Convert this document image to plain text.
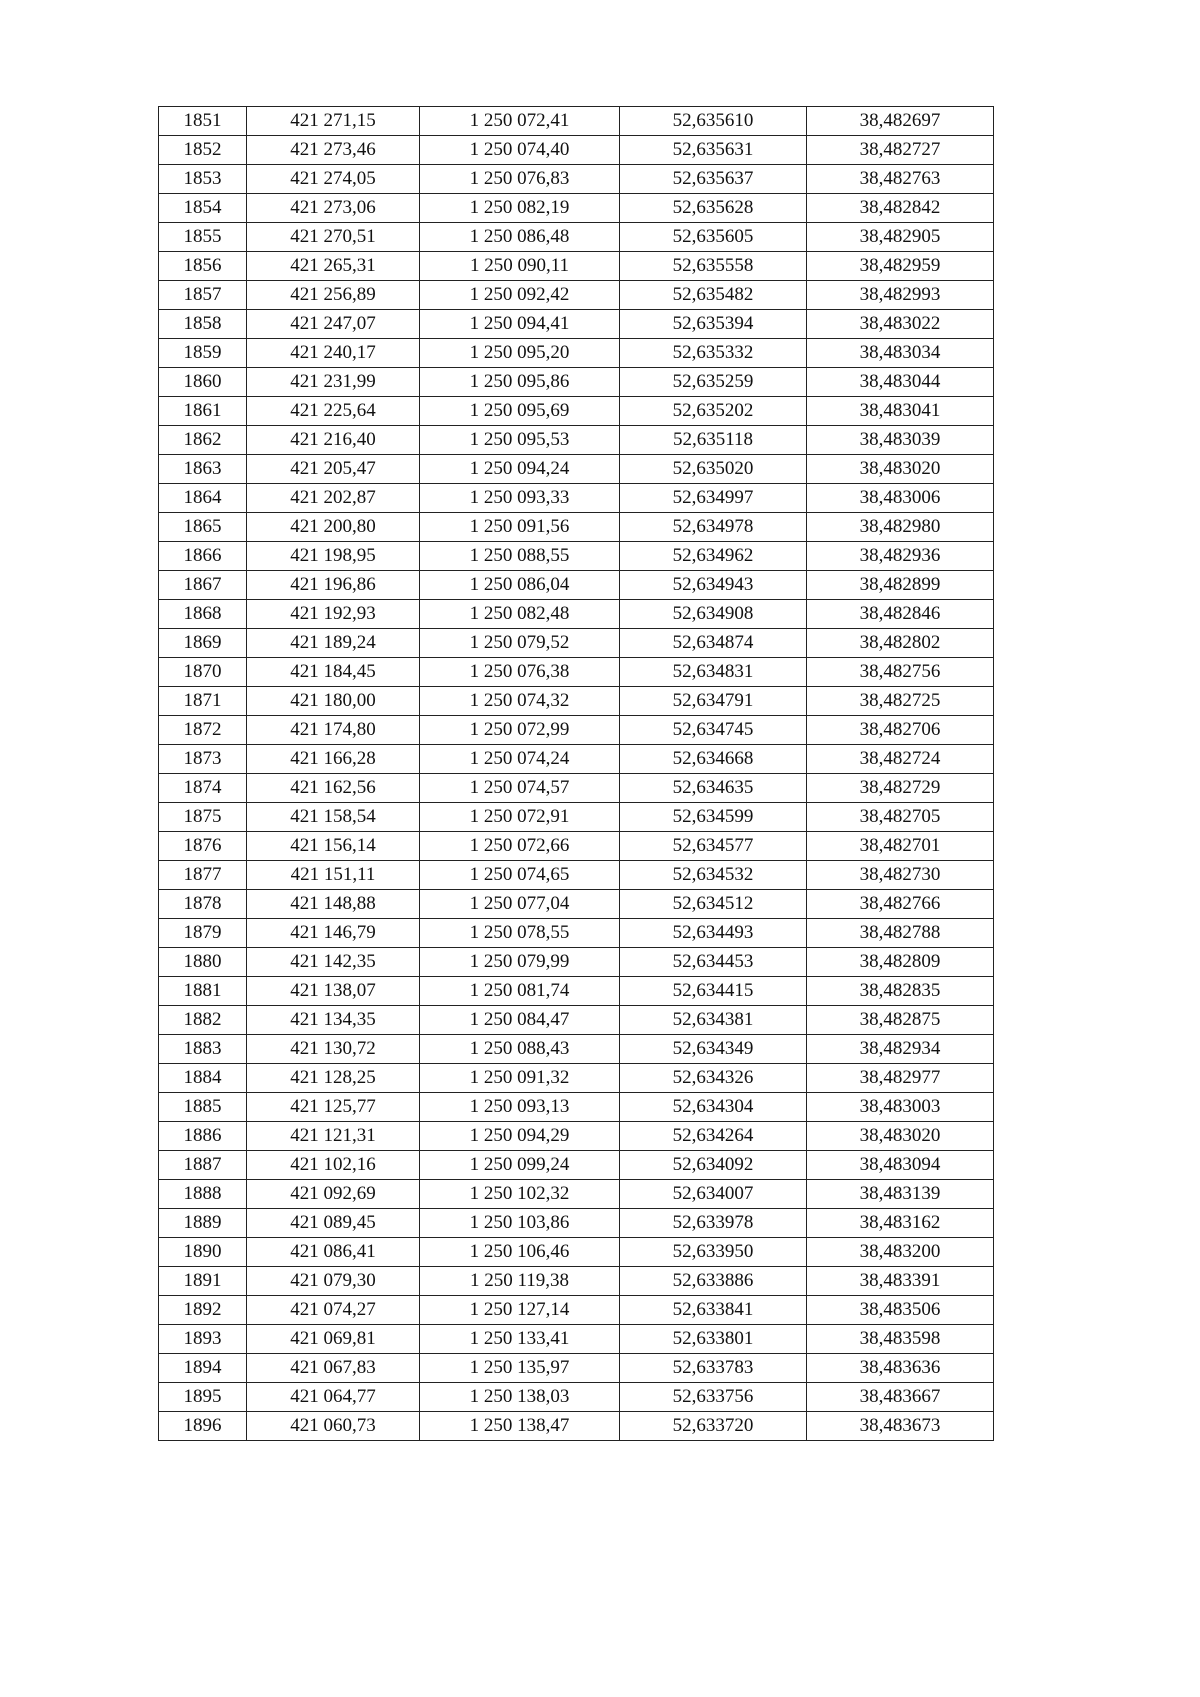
1851	421 271,15	1 250 072,41	52,635610	38,482697
1852	421 273,46	1 250 074,40	52,635631	38,482727
1853	421 274,05	1 250 076,83	52,635637	38,482763
1854	421 273,06	1 250 082,19	52,635628	38,482842
1855	421 270,51	1 250 086,48	52,635605	38,482905
1856	421 265,31	1 250 090,11	52,635558	38,482959
1857	421 256,89	1 250 092,42	52,635482	38,482993
1858	421 247,07	1 250 094,41	52,635394	38,483022
1859	421 240,17	1 250 095,20	52,635332	38,483034
1860	421 231,99	1 250 095,86	52,635259	38,483044
1861	421 225,64	1 250 095,69	52,635202	38,483041
1862	421 216,40	1 250 095,53	52,635118	38,483039
1863	421 205,47	1 250 094,24	52,635020	38,483020
1864	421 202,87	1 250 093,33	52,634997	38,483006
1865	421 200,80	1 250 091,56	52,634978	38,482980
1866	421 198,95	1 250 088,55	52,634962	38,482936
1867	421 196,86	1 250 086,04	52,634943	38,482899
1868	421 192,93	1 250 082,48	52,634908	38,482846
1869	421 189,24	1 250 079,52	52,634874	38,482802
1870	421 184,45	1 250 076,38	52,634831	38,482756
1871	421 180,00	1 250 074,32	52,634791	38,482725
1872	421 174,80	1 250 072,99	52,634745	38,482706
1873	421 166,28	1 250 074,24	52,634668	38,482724
1874	421 162,56	1 250 074,57	52,634635	38,482729
1875	421 158,54	1 250 072,91	52,634599	38,482705
1876	421 156,14	1 250 072,66	52,634577	38,482701
1877	421 151,11	1 250 074,65	52,634532	38,482730
1878	421 148,88	1 250 077,04	52,634512	38,482766
1879	421 146,79	1 250 078,55	52,634493	38,482788
1880	421 142,35	1 250 079,99	52,634453	38,482809
1881	421 138,07	1 250 081,74	52,634415	38,482835
1882	421 134,35	1 250 084,47	52,634381	38,482875
1883	421 130,72	1 250 088,43	52,634349	38,482934
1884	421 128,25	1 250 091,32	52,634326	38,482977
1885	421 125,77	1 250 093,13	52,634304	38,483003
1886	421 121,31	1 250 094,29	52,634264	38,483020
1887	421 102,16	1 250 099,24	52,634092	38,483094
1888	421 092,69	1 250 102,32	52,634007	38,483139
1889	421 089,45	1 250 103,86	52,633978	38,483162
1890	421 086,41	1 250 106,46	52,633950	38,483200
1891	421 079,30	1 250 119,38	52,633886	38,483391
1892	421 074,27	1 250 127,14	52,633841	38,483506
1893	421 069,81	1 250 133,41	52,633801	38,483598
1894	421 067,83	1 250 135,97	52,633783	38,483636
1895	421 064,77	1 250 138,03	52,633756	38,483667
1896	421 060,73	1 250 138,47	52,633720	38,483673
